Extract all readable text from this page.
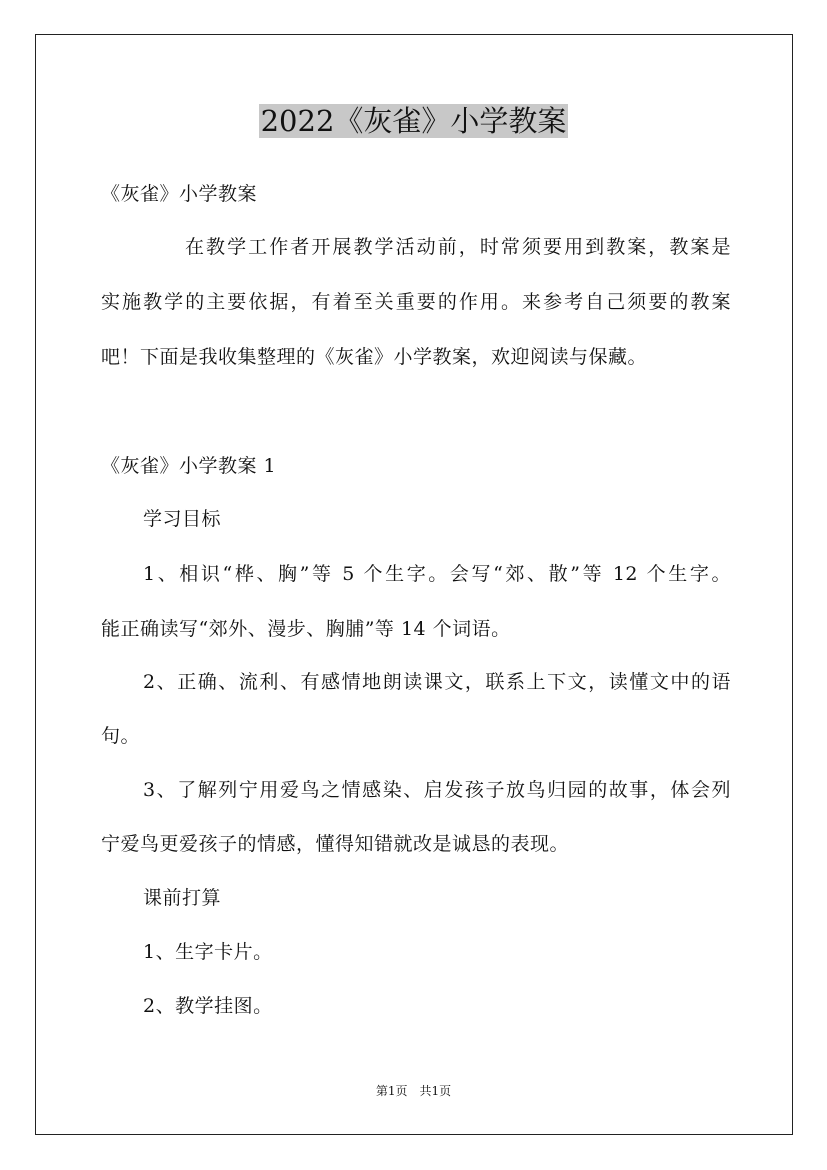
2022《灰雀》小学教案
《灰雀》小学教案
在教学工作者开展教学活动前，时常须要用到教案，教案是
实施教学的主要依据，有着至关重要的作用。来参考自己须要的教案
吧！下面是我收集整理的《灰雀》小学教案，欢迎阅读与保藏。
《灰雀》小学教案 1
学习目标
1、相识“桦、胸”等 5 个生字。会写“郊、散”等 12 个生字。
能正确读写“郊外、漫步、胸脯”等 14 个词语。
2、正确、流利、有感情地朗读课文，联系上下文，读懂文中的语
句。
3、了解列宁用爱鸟之情感染、启发孩子放鸟归园的故事，体会列
宁爱鸟更爱孩子的情感，懂得知错就改是诚恳的表现。
课前打算
1、生字卡片。
2、教学挂图。
第1页　共1页
